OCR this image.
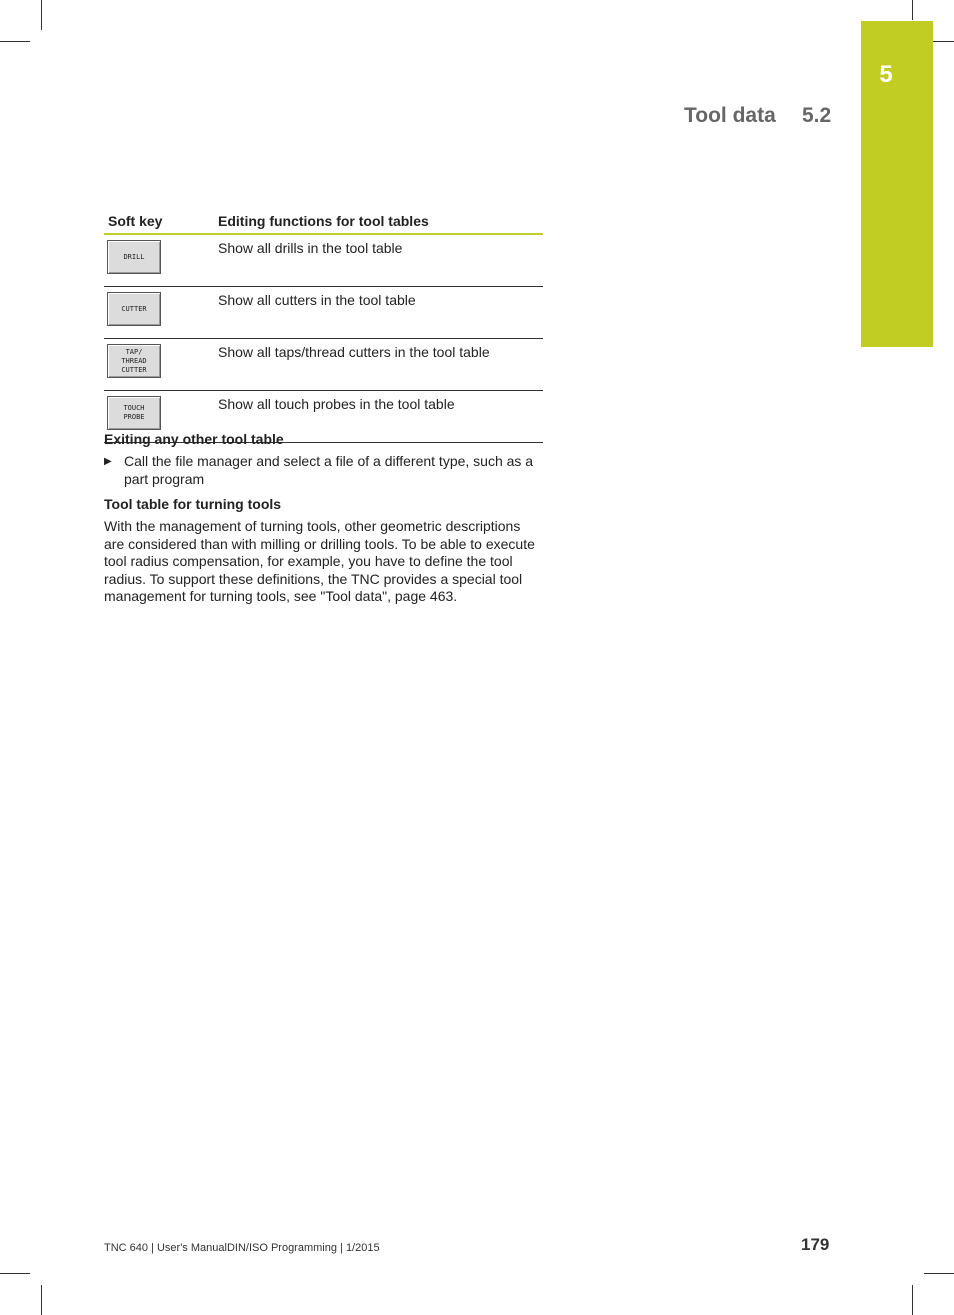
5
Tool data 5.2
Soft key	Editing functions for tool tables

DRILL	Show all drills in the tool table

CUTTER	Show all cutters in the tool table

TAP/
THREAD
CUTTER	Show all taps/thread cutters in the tool table

TOUCH
PROBE	Show all touch probes in the tool table
Exiting any other tool table
▶ Call the file manager and select a file of a different type, such as a part program
Tool table for turning tools
With the management of turning tools, other geometric descriptions are considered than with milling or drilling tools. To be able to execute tool radius compensation, for example, you have to define the tool radius. To support these definitions, the TNC provides a special tool management for turning tools, see "Tool data", page 463.
TNC 640 | User's ManualDIN/ISO Programming | 1/2015	179
